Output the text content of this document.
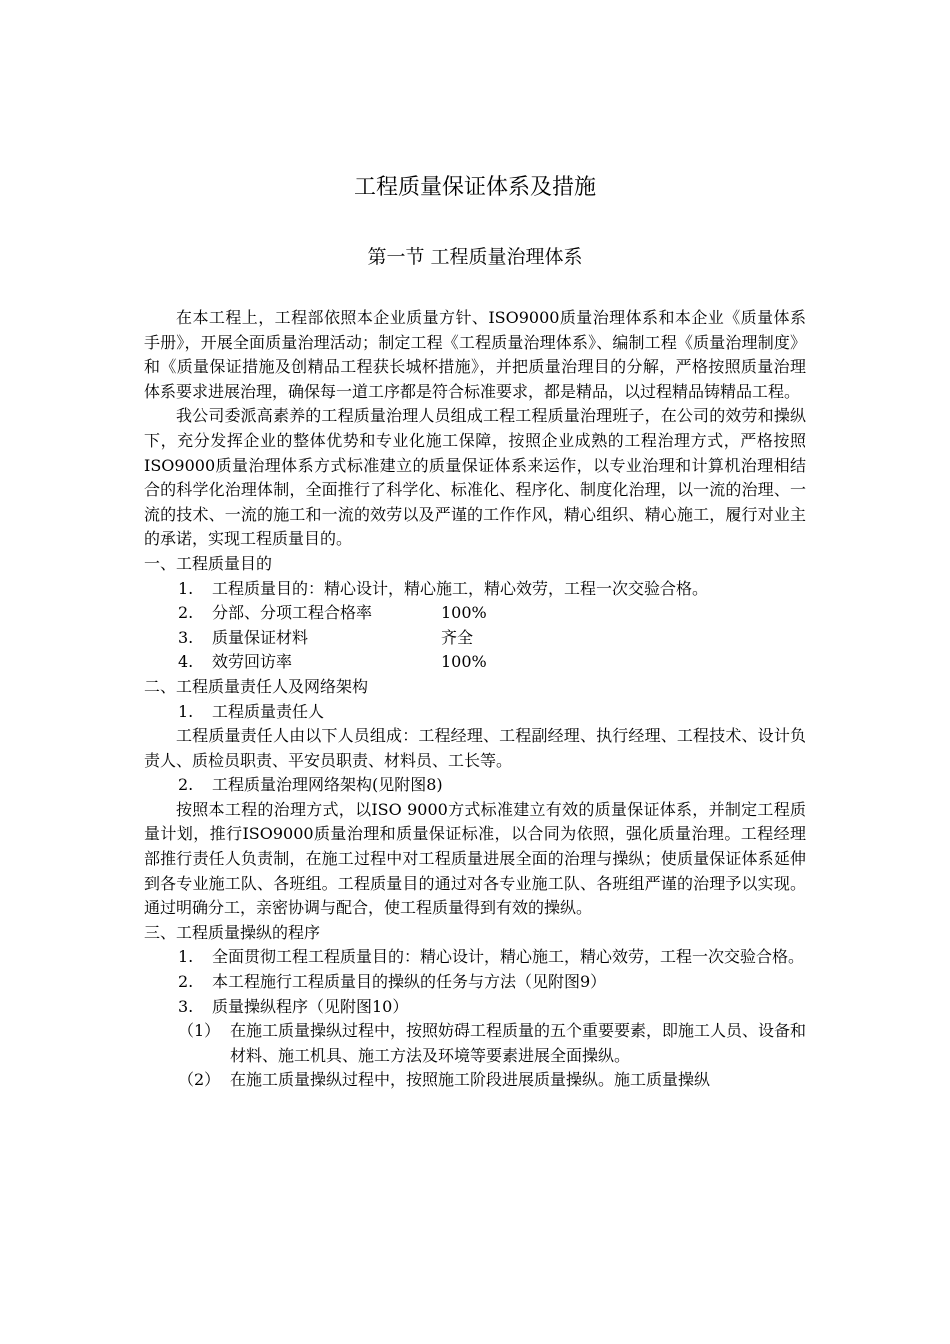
工程质量保证体系及措施
第一节 工程质量治理体系

在本工程上，工程部依照本企业质量方针、ISO9000质量治理体系和本企业《质量体系手册》，开展全面质量治理活动；制定工程《工程质量治理体系》、编制工程《质量治理制度》和《质量保证措施及创精品工程获长城杯措施》，并把质量治理目的分解，严格按照质量治理体系要求进展治理，确保每一道工序都是符合标准要求，都是精品，以过程精品铸精品工程。

我公司委派高素养的工程质量治理人员组成工程工程质量治理班子，在公司的效劳和操纵下，充分发挥企业的整体优势和专业化施工保障，按照企业成熟的工程治理方式，严格按照ISO9000质量治理体系方式标准建立的质量保证体系来运作，以专业治理和计算机治理相结合的科学化治理体制，全面推行了科学化、标准化、程序化、制度化治理，以一流的治理、一流的技术、一流的施工和一流的效劳以及严谨的工作作风，精心组织、精心施工，履行对业主的承诺，实现工程质量目的。

一、工程质量目的

1.	工程质量目的：精心设计，精心施工，精心效劳，工程一次交验合格。
2.	分部、分项工程合格率	100%
3.	质量保证材料	齐全
4.	效劳回访率	100%

二、工程质量责任人及网络架构

1.	工程质量责任人

工程质量责任人由以下人员组成：工程经理、工程副经理、执行经理、工程技术、设计负责人、质检员职责、平安员职责、材料员、工长等。

2.	工程质量治理网络架构(见附图8)

按照本工程的治理方式，以ISO 9000方式标准建立有效的质量保证体系，并制定工程质量计划，推行ISO9000质量治理和质量保证标准，以合同为依照，强化质量治理。工程经理部推行责任人负责制，在施工过程中对工程质量进展全面的治理与操纵；使质量保证体系延伸到各专业施工队、各班组。工程质量目的通过对各专业施工队、各班组严谨的治理予以实现。通过明确分工，亲密协调与配合，使工程质量得到有效的操纵。

三、工程质量操纵的程序

1.	全面贯彻工程工程质量目的：精心设计，精心施工，精心效劳，工程一次交验合格。
2.	本工程施行工程质量目的操纵的任务与方法（见附图9）
3.	质量操纵程序（见附图10）
（1） 在施工质量操纵过程中，按照妨碍工程质量的五个重要要素，即施工人员、设备和材料、施工机具、施工方法及环境等要素进展全面操纵。
（2） 在施工质量操纵过程中，按照施工阶段进展质量操纵。施工质量操纵
